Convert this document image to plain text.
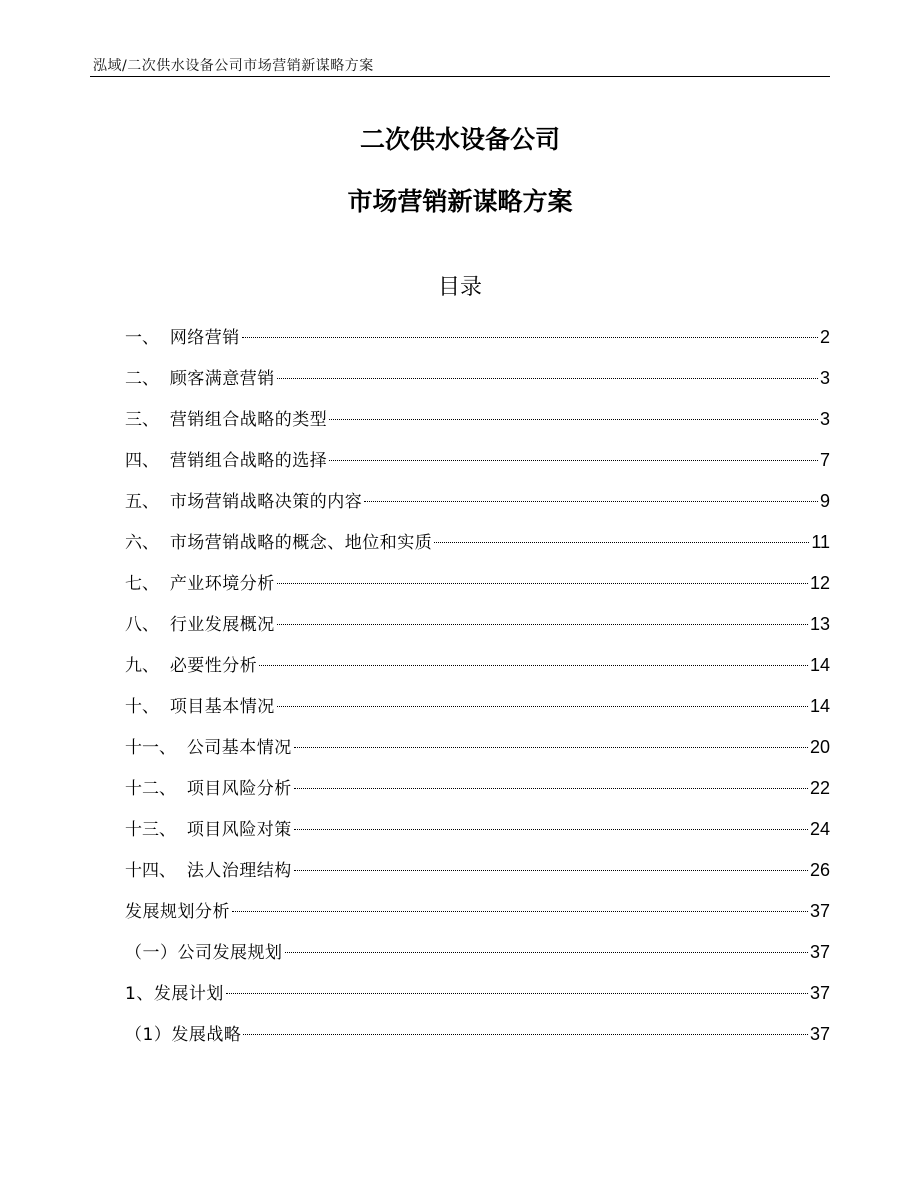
泓域/二次供水设备公司市场营销新谋略方案
二次供水设备公司
市场营销新谋略方案
目录
一、 网络营销	2
二、 顾客满意营销	3
三、 营销组合战略的类型	3
四、 营销组合战略的选择	7
五、 市场营销战略决策的内容	9
六、 市场营销战略的概念、地位和实质	11
七、 产业环境分析	12
八、 行业发展概况	13
九、 必要性分析	14
十、 项目基本情况	14
十一、 公司基本情况	20
十二、 项目风险分析	22
十三、 项目风险对策	24
十四、 法人治理结构	26
发展规划分析	37
（一）公司发展规划	37
1、发展计划	37
（1）发展战略	37
